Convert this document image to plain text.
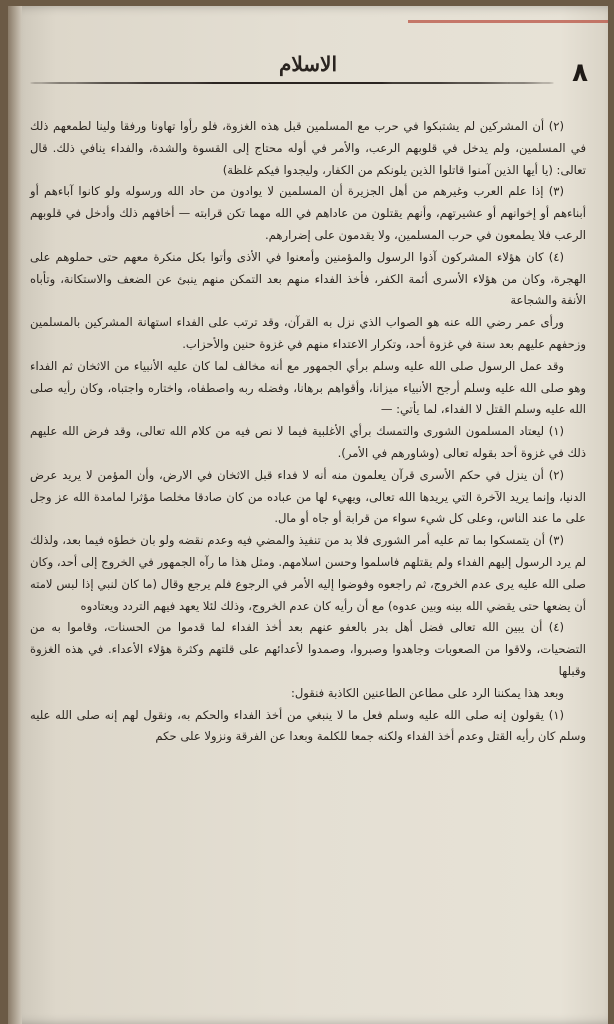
الاسلام	٨

(٢) أن المشركين لم يشتبكوا في حرب مع المسلمين قبل هذه الغزوة، فلو رأوا تهاونا ورفقا ولينا لطمعهم ذلك في المسلمين، ولم يدخل في قلوبهم الرعب، والأمر في أوله محتاج إلى القسوة والشدة، والفداء ينافي ذلك. قال تعالى: (يا أيها الذين آمنوا قاتلوا الذين يلونكم من الكفار، وليجدوا فيكم غلظة)

(٣) إذا علم العرب وغيرهم من أهل الجزيرة أن المسلمين لا يوادون من حاد الله ورسوله ولو كانوا آباءهم أو أبناءهم أو إخوانهم أو عشيرتهم، وأنهم يقتلون من عاداهم في الله مهما تكن قرابته — أخافهم ذلك وأدخل في قلوبهم الرعب فلا يطمعون في حرب المسلمين، ولا يقدمون على إضرارهم.

(٤) كان هؤلاء المشركون آذوا الرسول والمؤمنين وأمعنوا في الأذى وأتوا بكل منكرة معهم حتى حملوهم على الهجرة، وكان من هؤلاء الأسرى أئمة الكفر، فأخذ الفداء منهم بعد التمكن منهم ينبئ عن الضعف والاستكانة، وتأباه الأنفة والشجاعة

ورأى عمر رضي الله عنه هو الصواب الذي نزل به القرآن، وقد ترتب على الفداء استهانة المشركين بالمسلمين وزحفهم عليهم بعد سنة في غزوة أحد، وتكرار الاعتداء منهم في غزوة حنين والأحزاب.

وقد عمل الرسول صلى الله عليه وسلم برأي الجمهور مع أنه مخالف لما كان عليه الأنبياء من الاثخان ثم الفداء وهو صلى الله عليه وسلم أرجح الأنبياء ميزانا، وأقواهم برهانا، وفضله ربه واصطفاه، واختاره واجتباه، وكان رأيه صلى الله عليه وسلم القتل لا الفداء، لما يأتي: —

(١) ليعتاد المسلمون الشورى والتمسك برأي الأغلبية فيما لا نص فيه من كلام الله تعالى، وقد فرض الله عليهم ذلك في غزوة أحد بقوله تعالى (وشاورهم في الأمر).

(٢) أن ينزل في حكم الأسرى قرآن يعلمون منه أنه لا فداء قبل الاثخان في الارض، وأن المؤمن لا يريد عرض الدنيا، وإنما يريد الآخرة التي يريدها الله تعالى، ويهيء لها من عباده من كان صادقا مخلصا مؤثرا لمامدة الله عز وجل على ما عند الناس، وعلى كل شيء سواء من قرابة أو جاه أو مال.

(٣) أن يتمسكوا بما تم عليه أمر الشورى فلا بد من تنفيذ والمضي فيه وعدم نقضه ولو بان خطؤه فيما بعد، ولذلك لم يرد الرسول إليهم الفداء ولم يقتلهم فاسلموا وحسن اسلامهم. ومثل هذا ما رآه الجمهور في الخروج إلى أحد، وكان صلى الله عليه يرى عدم الخروج، ثم راجعوه وفوضوا إليه الأمر في الرجوع فلم يرجع وقال (ما كان لنبي إذا لبس لامته أن يضعها حتى يقضي الله بينه وبين عدوه) مع أن رأيه كان عدم الخروج، وذلك لئلا يعهد فيهم التردد ويعتادوه

(٤) أن يبين الله تعالى فضل أهل بدر بالعفو عنهم بعد أخذ الفداء لما قدموا من الحسنات، وقاموا به من التضحيات، ولاقوا من الصعوبات وجاهدوا وصبروا، وصمدوا لأعدائهم على قلتهم وكثرة هؤلاء الأعداء. في هذه الغزوة وقبلها

وبعد هذا يمكننا الرد على مطاعن الطاعنين الكاذبة فنقول:

(١) يقولون إنه صلى الله عليه وسلم فعل ما لا ينبغي من أخذ الفداء والحكم به، ونقول لهم إنه صلى الله عليه وسلم كان رأيه القتل وعدم أخذ الفداء ولكنه جمعا للكلمة وبعدا عن الفرقة ونزولا على حكم
